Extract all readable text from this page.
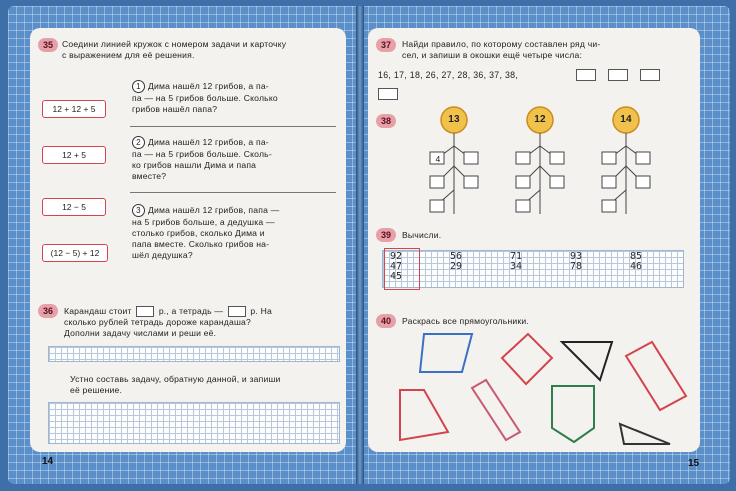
35	Соедини линией кружок с номером задачи и карточку
с выражением для её решения.
12 + 12 + 5
12 + 5
12 − 5
(12 − 5) + 12
1 Дима нашёл 12 грибов, а па-
па — на 5 грибов больше. Сколько
грибов нашёл папа?
2 Дима нашёл 12 грибов, а па-
па — на 5 грибов больше. Сколь-
ко грибов нашли Дима и папа
вместе?
3 Дима нашёл 12 грибов, папа —
на 5 грибов больше, а дедушка —
столько грибов, сколько Дима и
папа вместе. Сколько грибов на-
шёл дедушка?
36	Карандаш стоит	р., а тетрадь —	р. На
сколько рублей тетрадь дороже карандаша?
Дополни задачу числами и реши её.
Устно составь задачу, обратную данной, и запиши
её решение.
14
37	Найди правило, по которому составлен ряд чи-
сел, и запиши в окошки ещё четыре числа:
16, 17, 18, 26, 27, 28, 36, 37, 38,
38	13	12	14
4
39	Вычисли.
92
47
45
56
29
71
34
93
78
85
46
40	Раскрась все прямоугольники.
15
